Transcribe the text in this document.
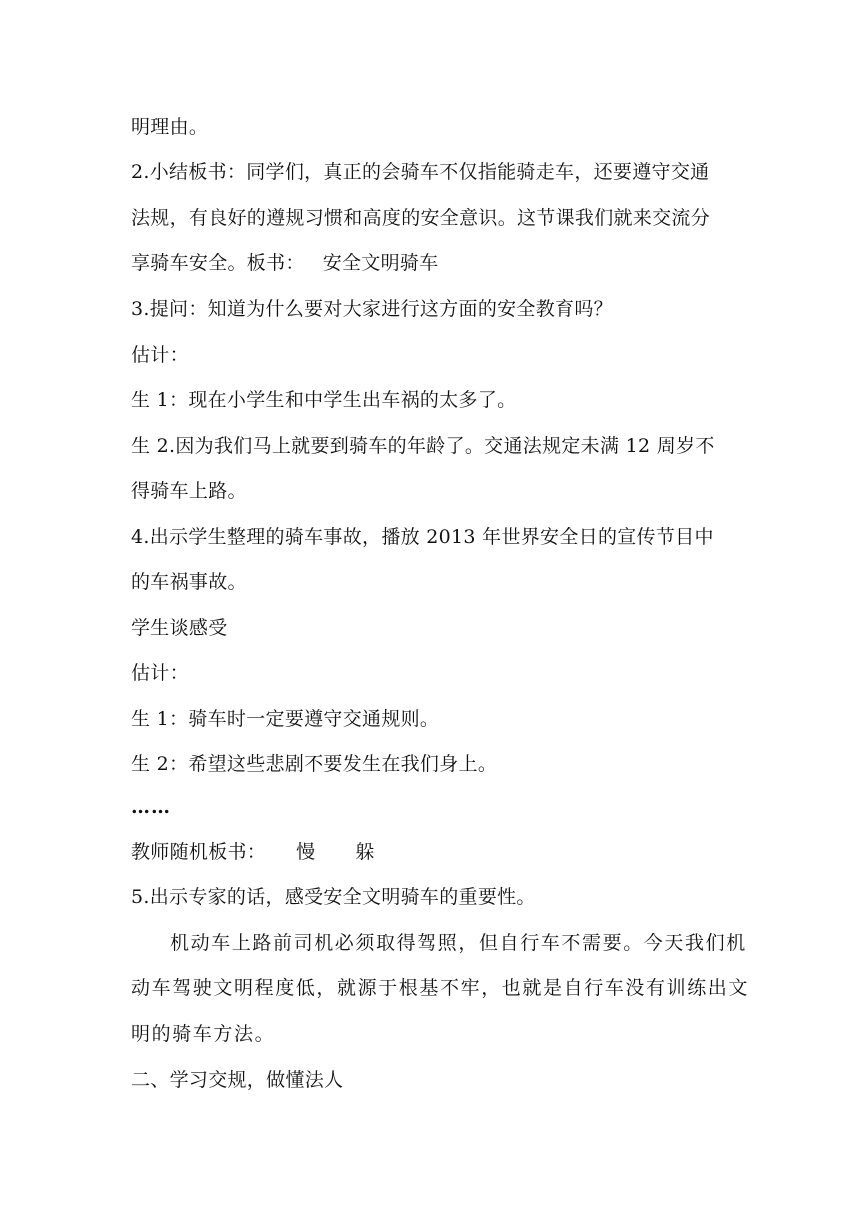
明理由。
2.小结板书：同学们，真正的会骑车不仅指能骑走车，还要遵守交通
法规，有良好的遵规习惯和高度的安全意识。这节课我们就来交流分
享骑车安全。板书： 安全文明骑车
3.提问：知道为什么要对大家进行这方面的安全教育吗？
估计：
生 1：现在小学生和中学生出车祸的太多了。
生 2.因为我们马上就要到骑车的年龄了。交通法规定未满 12 周岁不
得骑车上路。
4.出示学生整理的骑车事故，播放 2013 年世界安全日的宣传节目中
的车祸事故。
学生谈感受
估计：
生 1：骑车时一定要遵守交通规则。
生 2：希望这些悲剧不要发生在我们身上。
……
教师随机板书： 慢 躲
5.出示专家的话，感受安全文明骑车的重要性。
机动车上路前司机必须取得驾照，但自行车不需要。今天我们机
动车驾驶文明程度低，就源于根基不牢，也就是自行车没有训练出文
明的骑车方法。
二、学习交规，做懂法人
